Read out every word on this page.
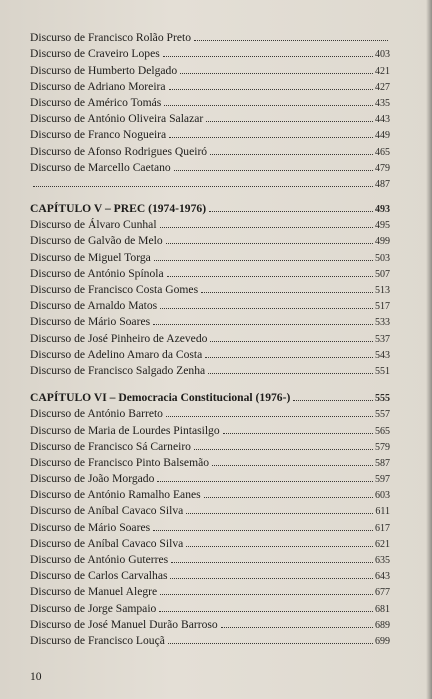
Discurso de Francisco Rolão Preto
Discurso de Craveiro Lopes	403
Discurso de Humberto Delgado	421
Discurso de Adriano Moreira	427
Discurso de Américo Tomás	435
Discurso de António Oliveira Salazar	443
Discurso de Franco Nogueira	449
Discurso de Afonso Rodrigues Queiró	465
Discurso de Marcello Caetano	479
487
CAPÍTULO V – PREC (1974-1976)	493
Discurso de Álvaro Cunhal	495
Discurso de Galvão de Melo	499
Discurso de Miguel Torga	503
Discurso de António Spínola	507
Discurso de Francisco Costa Gomes	513
Discurso de Arnaldo Matos	517
Discurso de Mário Soares	533
Discurso de José Pinheiro de Azevedo	537
Discurso de Adelino Amaro da Costa	543
Discurso de Francisco Salgado Zenha	551
CAPÍTULO VI – Democracia Constitucional (1976-)	555
Discurso de António Barreto	557
Discurso de Maria de Lourdes Pintasilgo	565
Discurso de Francisco Sá Carneiro	579
Discurso de Francisco Pinto Balsemão	587
Discurso de João Morgado	597
Discurso de António Ramalho Eanes	603
Discurso de Aníbal Cavaco Silva	611
Discurso de Mário Soares	617
Discurso de Aníbal Cavaco Silva	621
Discurso de António Guterres	635
Discurso de Carlos Carvalhas	643
Discurso de Manuel Alegre	677
Discurso de Jorge Sampaio	681
Discurso de José Manuel Durão Barroso	689
Discurso de Francisco Louçã	699
10
